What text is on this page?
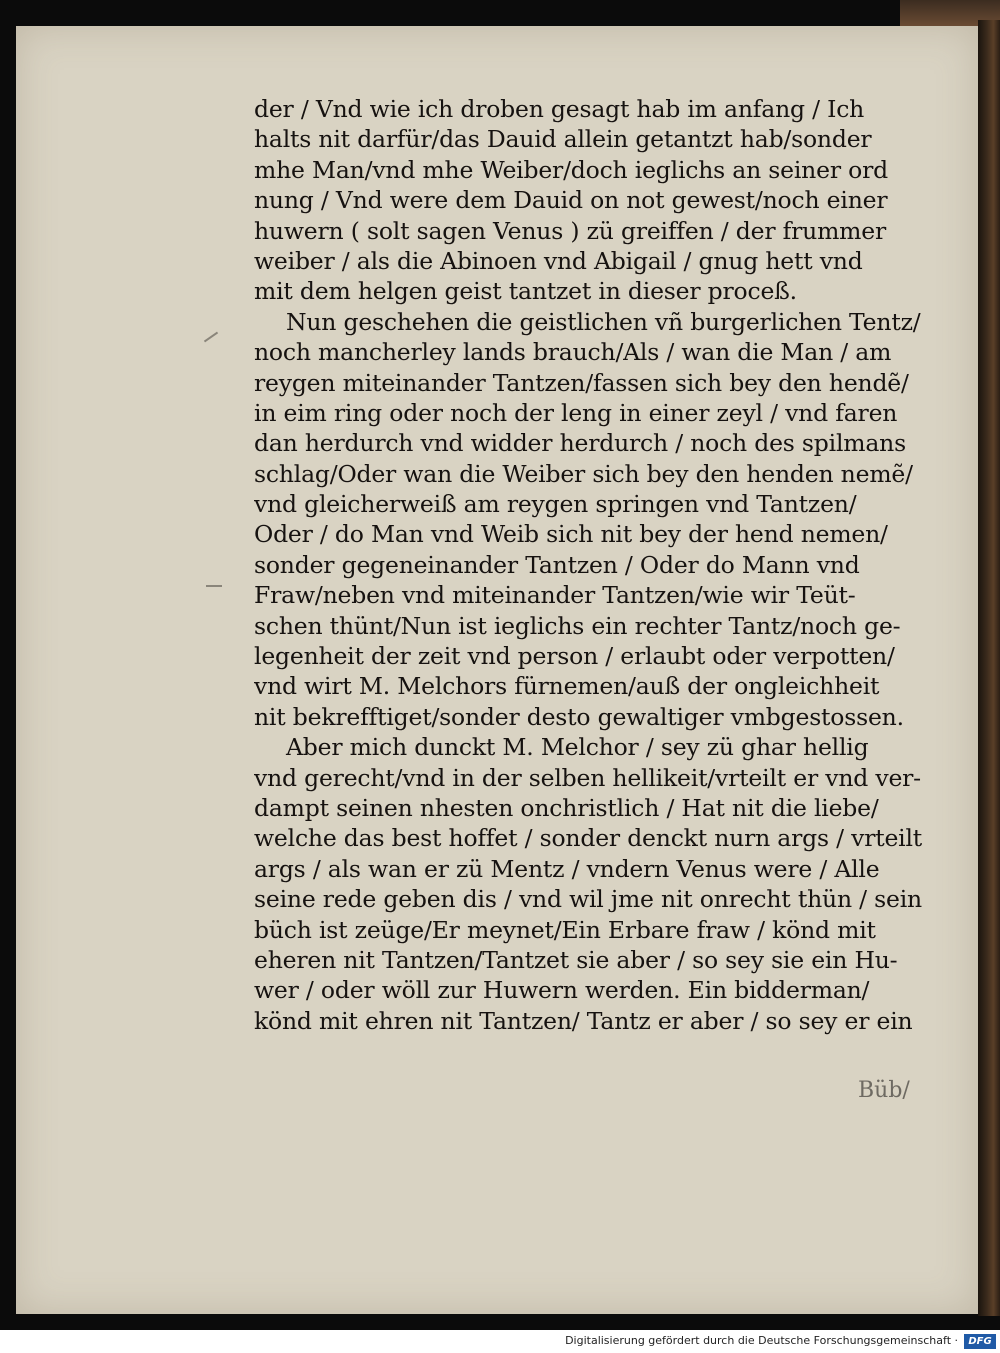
der / Vnd wie ich droben gesagt hab im anfang / Ich
halts nit darfür/das Dauid allein getantzt hab/sonder
mhe Man/vnd mhe Weiber/doch ieglichs an seiner ord
nung / Vnd were dem Dauid on not gewest/noch einer
huwern ( solt sagen Venus ) zü greiffen / der frummer
weiber / als die Abinoen vnd Abigail / gnug hett vnd
mit dem helgen geist tantzet in dieser proceß.
Nun geschehen die geistlichen vñ burgerlichen Tentz/
noch mancherley lands brauch/Als / wan die Man / am
reygen miteinander Tantzen/fassen sich bey den hendẽ/
in eim ring oder noch der leng in einer zeyl / vnd faren
dan herdurch vnd widder herdurch / noch des spilmans
schlag/Oder wan die Weiber sich bey den henden nemẽ/
vnd gleicherweiß am reygen springen vnd Tantzen/
Oder / do Man vnd Weib sich nit bey der hend nemen/
sonder gegeneinander Tantzen / Oder do Mann vnd
Fraw/neben vnd miteinander Tantzen/wie wir Teüt-
schen thünt/Nun ist ieglichs ein rechter Tantz/noch ge-
legenheit der zeit vnd person / erlaubt oder verpotten/
vnd wirt M. Melchors fürnemen/auß der ongleichheit
nit bekrefftiget/sonder desto gewaltiger vmbgestossen.
Aber mich dunckt M. Melchor / sey zü ghar hellig
vnd gerecht/vnd in der selben hellikeit/vrteilt er vnd ver-
dampt seinen nhesten onchristlich / Hat nit die liebe/
welche das best hoffet / sonder denckt nurn args / vrteilt
args / als wan er zü Mentz / vndern Venus were / Alle
seine rede geben dis / vnd wil jme nit onrecht thün / sein
büch ist zeüge/Er meynet/Ein Erbare fraw / könd mit
eheren nit Tantzen/Tantzet sie aber / so sey sie ein Hu-
wer / oder wöll zur Huwern werden. Ein bidderman/
könd mit ehren nit Tantzen/ Tantz er aber / so sey er ein
Büb/
Digitalisierung gefördert durch die Deutsche Forschungsgemeinschaft ·	DFG
